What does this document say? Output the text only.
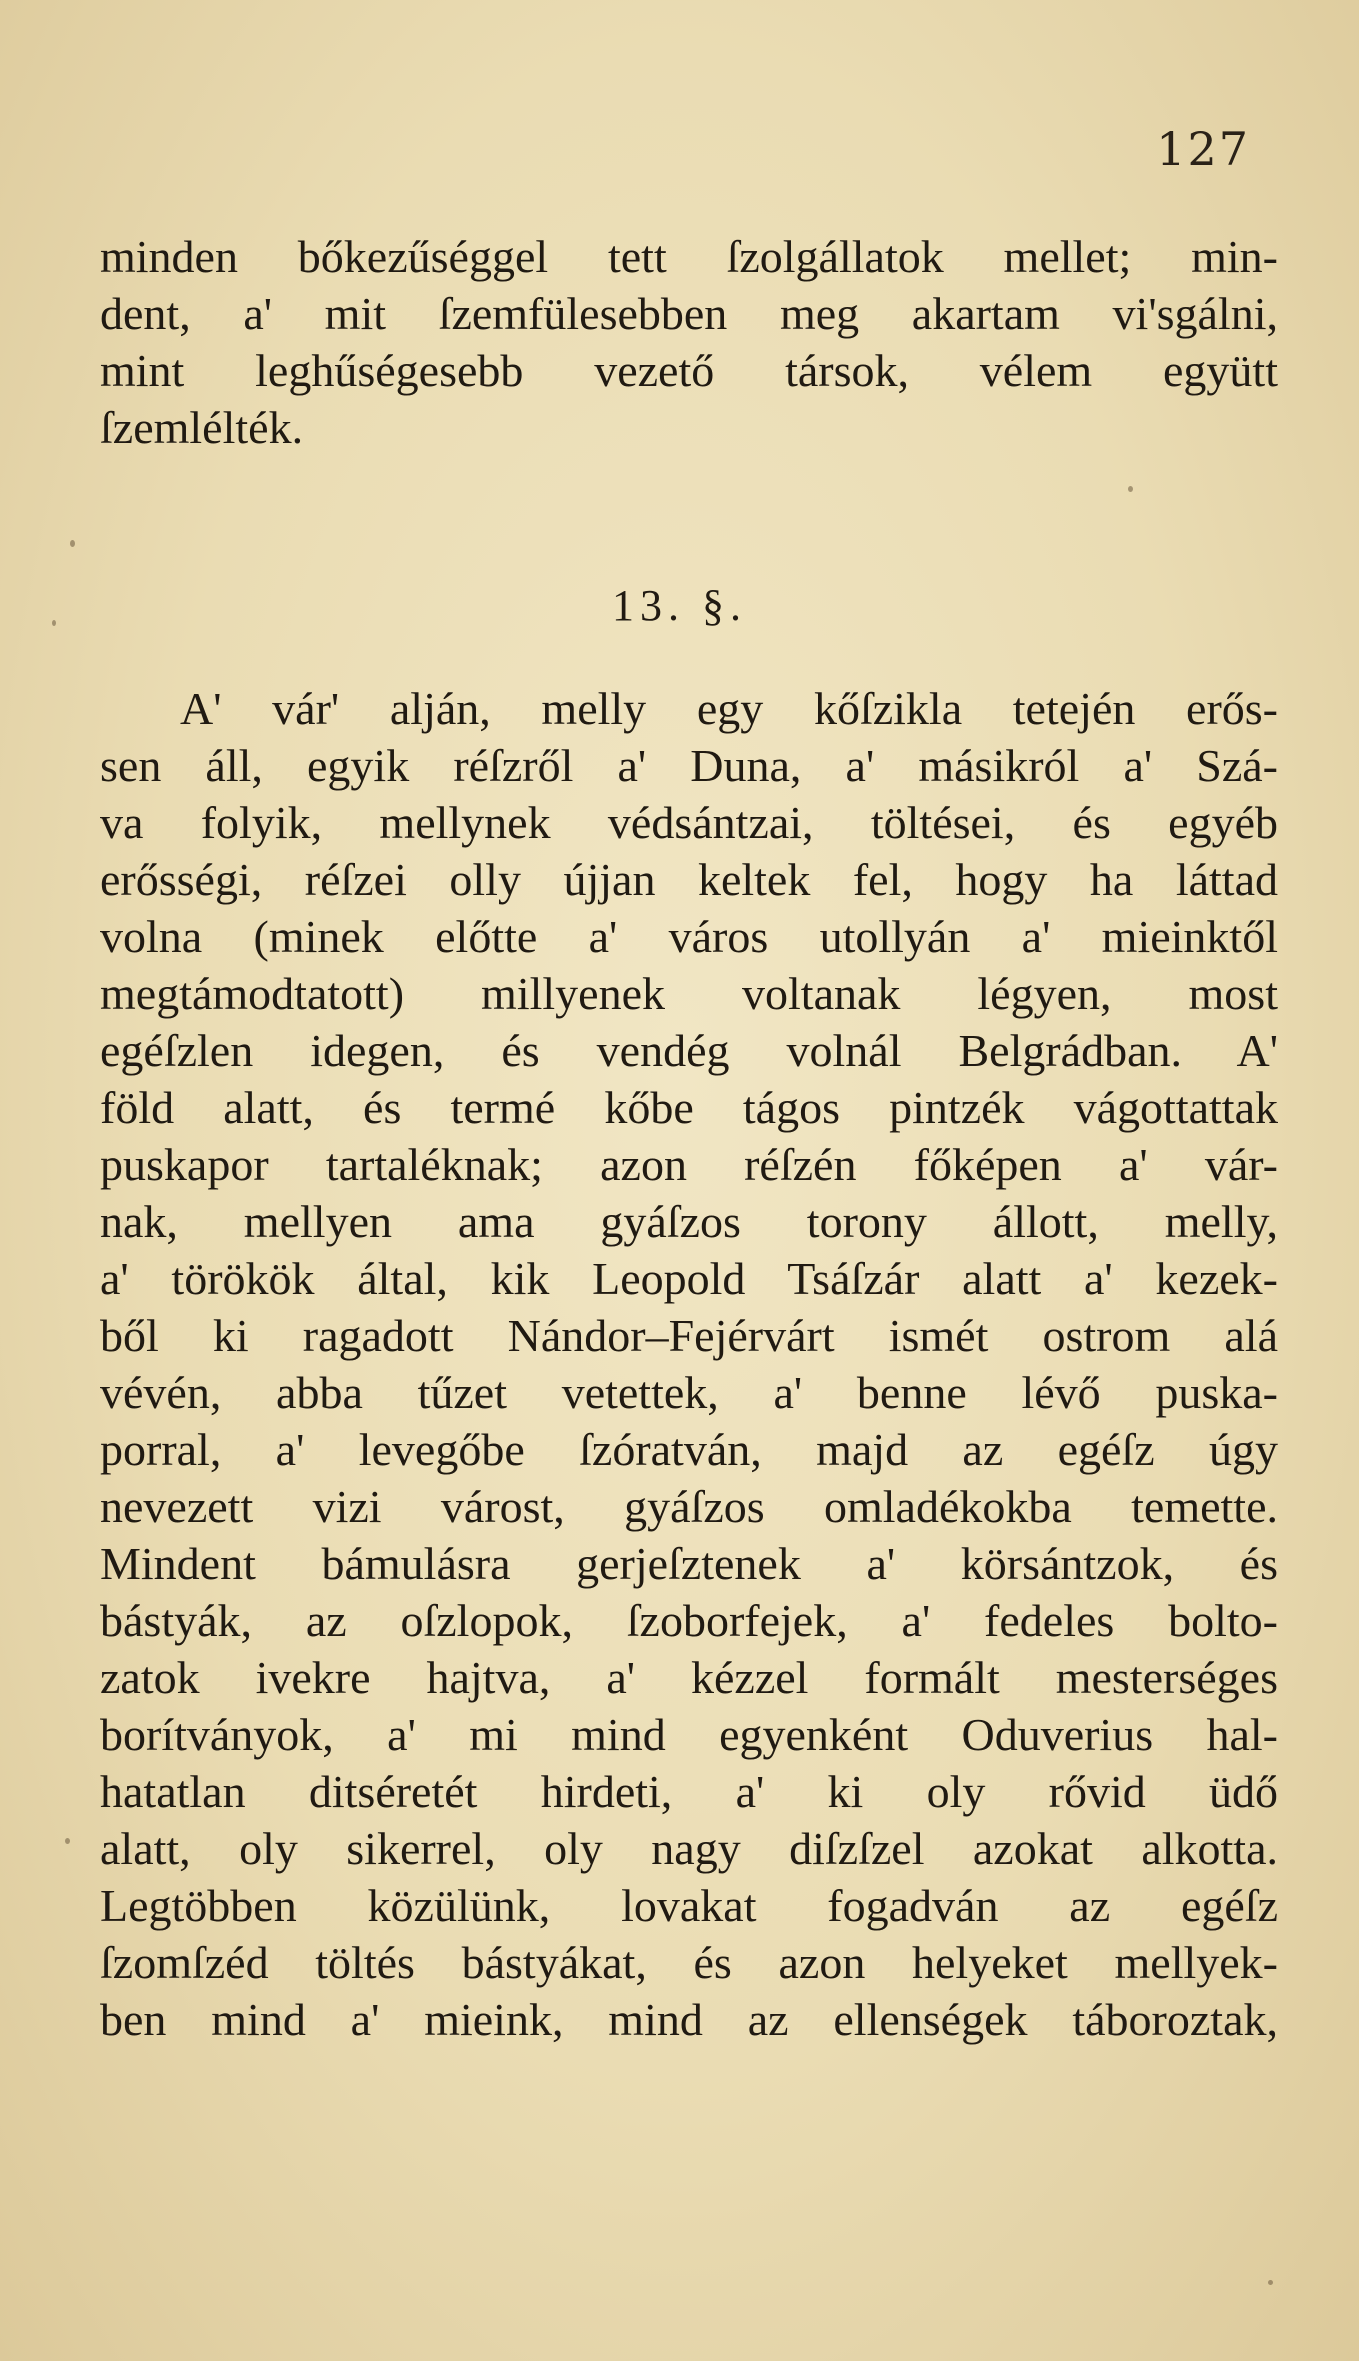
127
minden bőkezűséggel tett ſzolgállatok mellet; min-
dent, a' mit ſzemfülesebben meg akartam vi'sgálni,
mint leghűségesebb vezető társok, vélem együtt
ſzemlélték.
13. §.
A' vár' alján, melly egy kőſzikla tetején erős-
sen áll, egyik réſzről a' Duna, a' másikról a' Szá-
va folyik, mellynek védsántzai, töltései, és egyéb
erősségi, réſzei olly újjan keltek fel, hogy ha láttad
volna (minek előtte a' város utollyán a' mieinktől
megtámodtatott) millyenek voltanak légyen, most
egéſzlen idegen, és vendég volnál Belgrádban. A'
föld alatt, és termé kőbe tágos pintzék vágottattak
puskapor tartaléknak; azon réſzén főképen a' vár-
nak, mellyen ama gyáſzos torony állott, melly,
a' törökök által, kik Leopold Tsáſzár alatt a' kezek-
ből ki ragadott Nándor–Fejérvárt ismét ostrom alá
vévén, abba tűzet vetettek, a' benne lévő puska-
porral, a' levegőbe ſzóratván, majd az egéſz úgy
nevezett vizi várost, gyáſzos omladékokba temette.
Mindent bámulásra gerjeſztenek a' körsántzok, és
bástyák, az oſzlopok, ſzoborfejek, a' fedeles bolto-
zatok ivekre hajtva, a' kézzel formált mesterséges
borítványok, a' mi mind egyenként Oduverius hal-
hatatlan ditséretét hirdeti, a' ki oly rővid üdő
alatt, oly sikerrel, oly nagy diſzſzel azokat alkotta.
Legtöbben közülünk, lovakat fogadván az egéſz
ſzomſzéd töltés bástyákat, és azon helyeket mellyek-
ben mind a' mieink, mind az ellenségek táboroztak,
